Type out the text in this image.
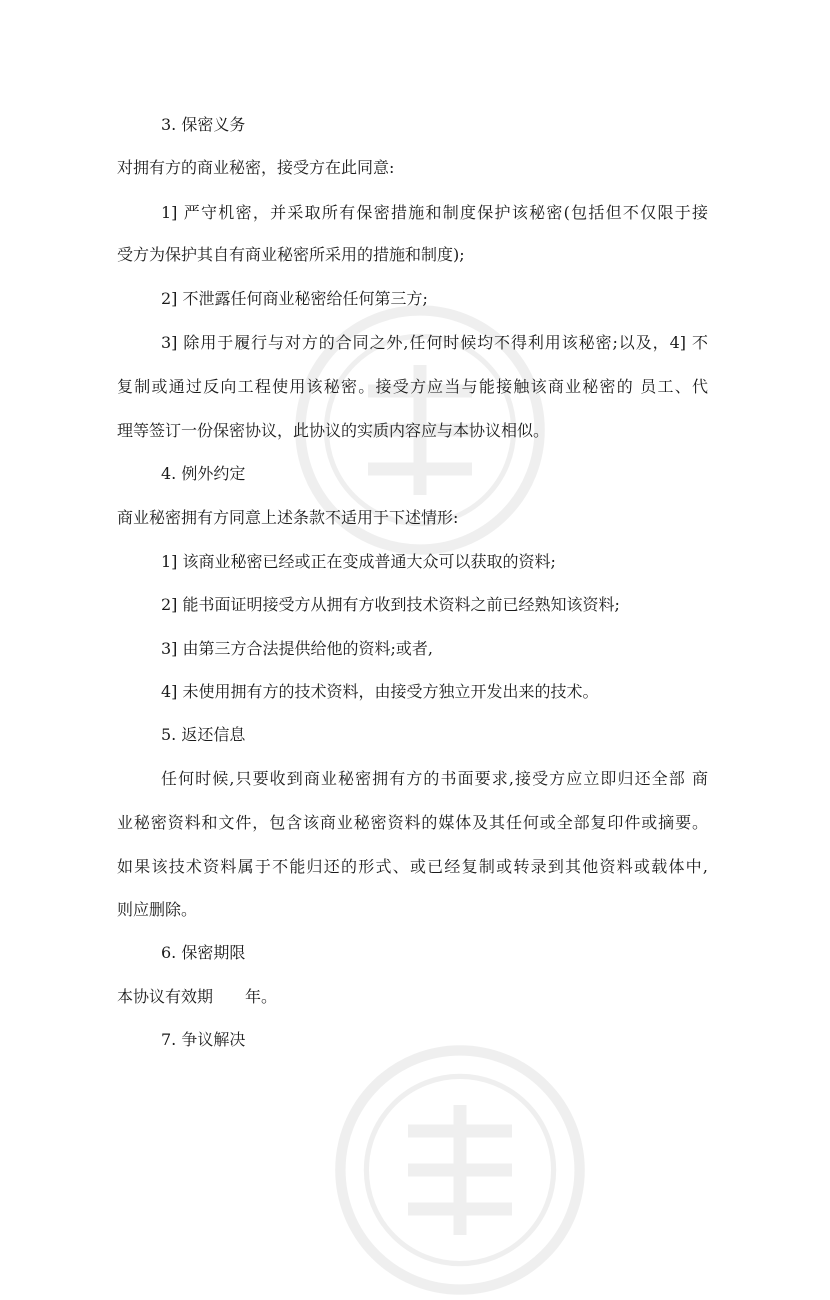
3. 保密义务
对拥有方的商业秘密，接受方在此同意:
1] 严守机密，并采取所有保密措施和制度保护该秘密(包括但不仅限于接
受方为保护其自有商业秘密所采用的措施和制度);
2] 不泄露任何商业秘密给任何第三方;
3] 除用于履行与对方的合同之外,任何时候均不得利用该秘密;以及，4] 不
复制或通过反向工程使用该秘密。接受方应当与能接触该商业秘密的 员工、代
理等签订一份保密协议，此协议的实质内容应与本协议相似。
4. 例外约定
商业秘密拥有方同意上述条款不适用于下述情形:
1] 该商业秘密已经或正在变成普通大众可以获取的资料;
2] 能书面证明接受方从拥有方收到技术资料之前已经熟知该资料;
3] 由第三方合法提供给他的资料;或者,
4] 未使用拥有方的技术资料，由接受方独立开发出来的技术。
5. 返还信息
任何时候,只要收到商业秘密拥有方的书面要求,接受方应立即归还全部 商
业秘密资料和文件，包含该商业秘密资料的媒体及其任何或全部复印件或摘要。
如果该技术资料属于不能归还的形式、或已经复制或转录到其他资料或载体中,
则应删除。
6. 保密期限
本协议有效期　　年。
7. 争议解决
